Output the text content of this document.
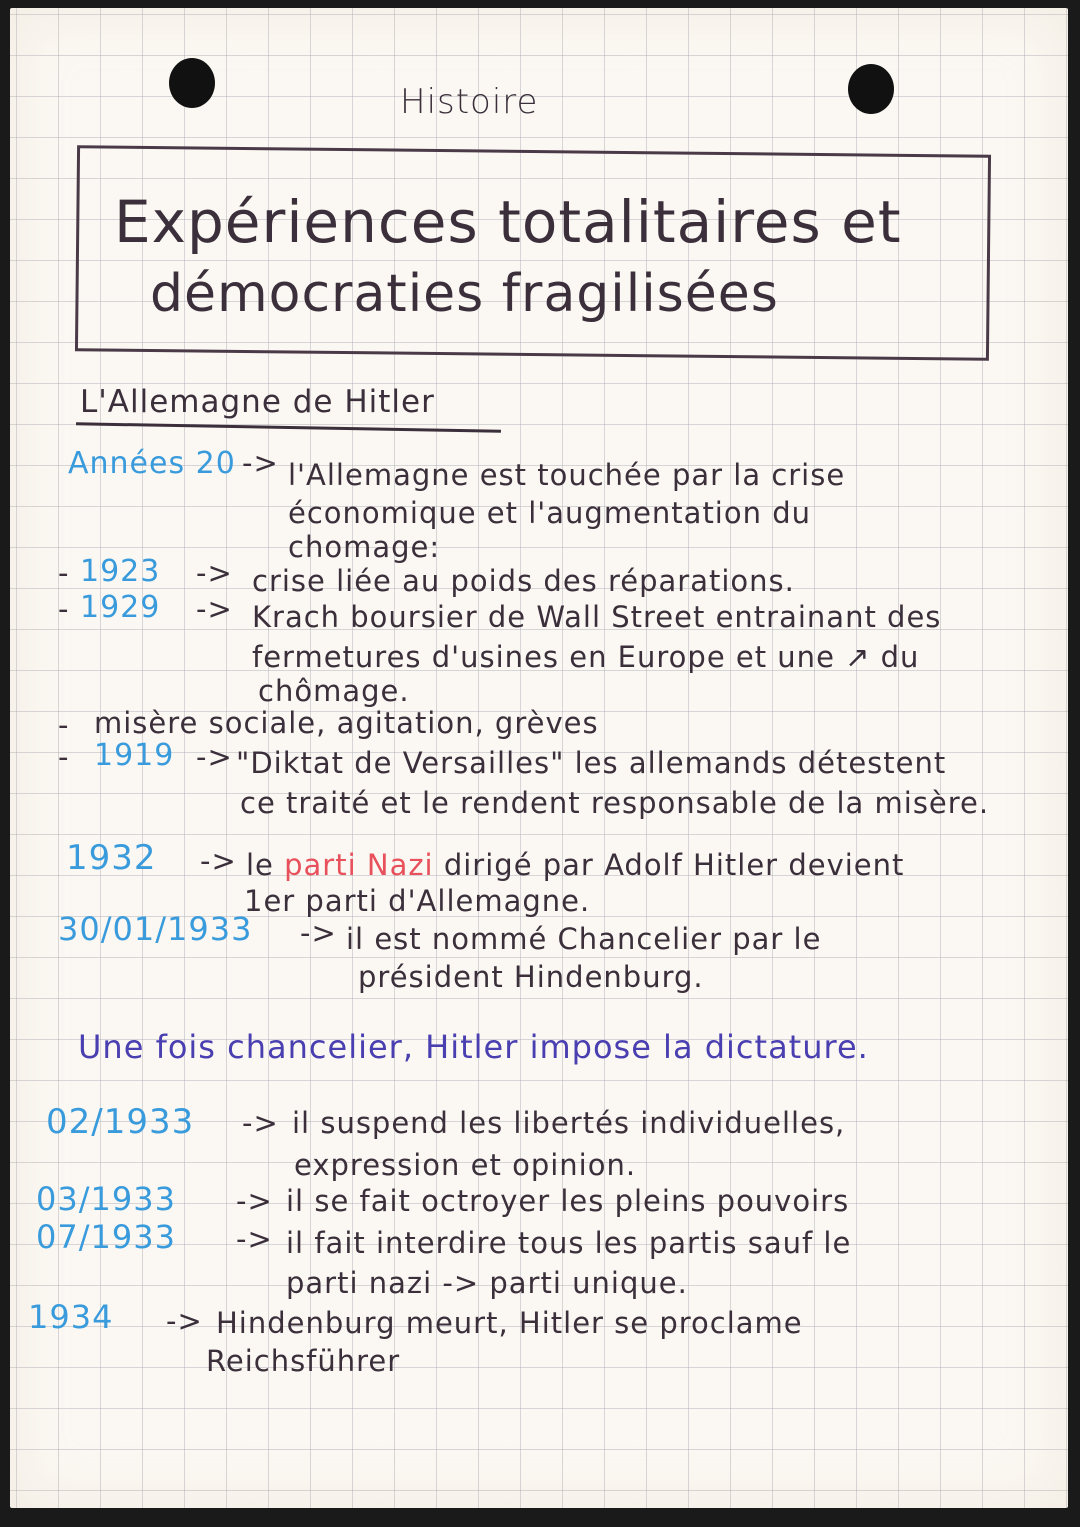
Histoire
Expériences totalitaires et
démocraties fragilisées
L'Allemagne de Hitler
Années 20 -> l'Allemagne est touchée par la crise
économique et l'augmentation du
chomage:
- 1923 -> crise liée au poids des réparations.
- 1929 -> Krach boursier de Wall Street entrainant des
fermetures d'usines en Europe et une ↗ du
chômage.
- misère sociale, agitation, grèves
- 1919 -> "Diktat de Versailles" les allemands détestent
ce traité et le rendent responsable de la misère.
1932 -> le parti Nazi dirigé par Adolf Hitler devient
1er parti d'Allemagne.
30/01/1933 -> il est nommé Chancelier par le
président Hindenburg.
Une fois chancelier, Hitler impose la dictature.
02/1933 -> il suspend les libertés individuelles,
expression et opinion.
03/1933 -> il se fait octroyer les pleins pouvoirs
07/1933 -> il fait interdire tous les partis sauf le
parti nazi -> parti unique.
1934 -> Hindenburg meurt, Hitler se proclame
Reichsführer
